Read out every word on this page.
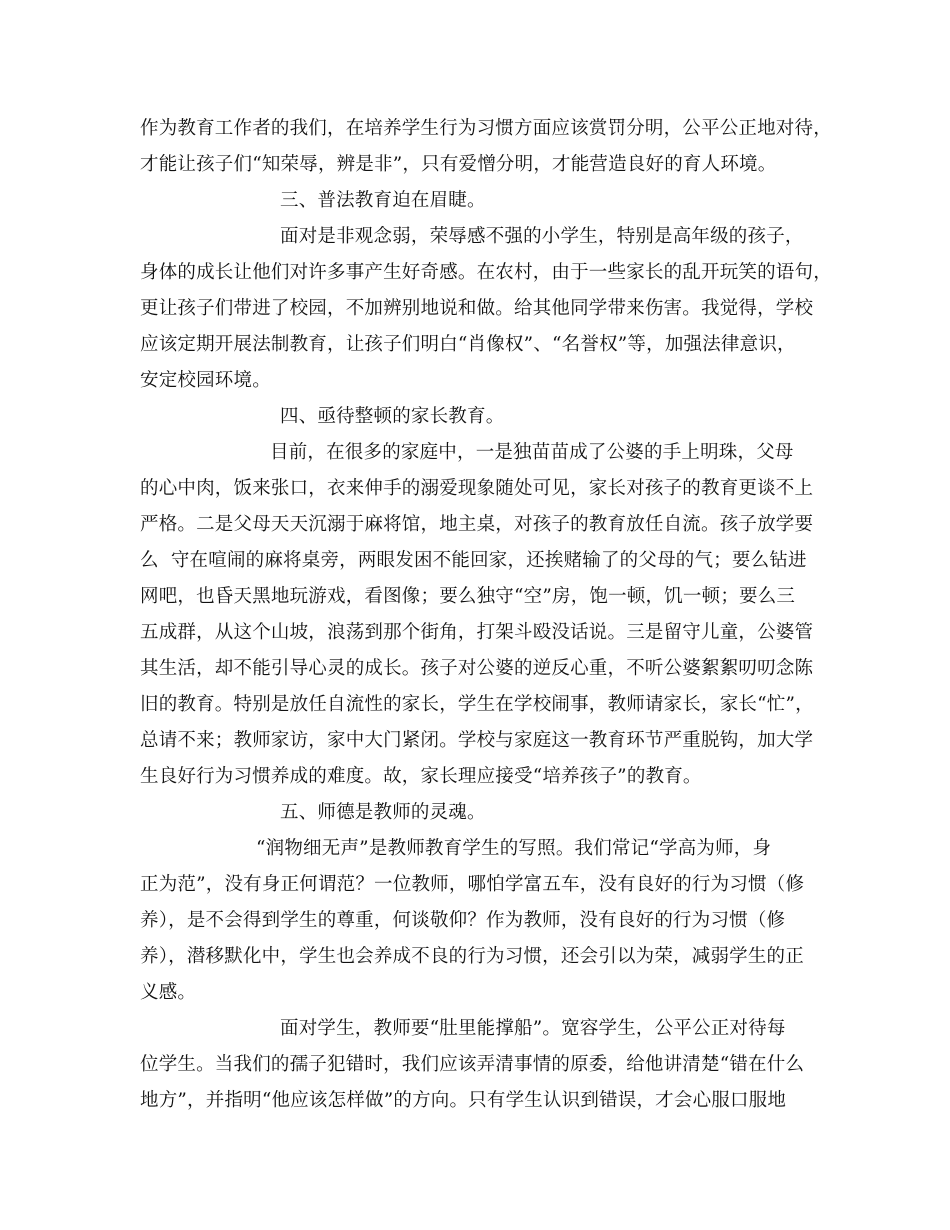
作为教育工作者的我们，在培养学生行为习惯方面应该赏罚分明，公平公正地对待，
才能让孩子们“知荣辱，辨是非”，只有爱憎分明，才能营造良好的育人环境。
三、普法教育迫在眉睫。
面对是非观念弱，荣辱感不强的小学生，特别是高年级的孩子，
身体的成长让他们对许多事产生好奇感。在农村，由于一些家长的乱开玩笑的语句，
更让孩子们带进了校园，不加辨别地说和做。给其他同学带来伤害。我觉得，学校
应该定期开展法制教育，让孩子们明白“肖像权”、“名誉权”等，加强法律意识，
安定校园环境。
四、亟待整顿的家长教育。
目前，在很多的家庭中，一是独苗苗成了公婆的手上明珠，父母
的心中肉，饭来张口，衣来伸手的溺爱现象随处可见，家长对孩子的教育更谈不上
严格。二是父母天天沉溺于麻将馆，地主桌，对孩子的教育放任自流。孩子放学要
么  守在喧闹的麻将桌旁，两眼发困不能回家，还挨赌输了的父母的气；要么钻进
网吧，也昏天黑地玩游戏，看图像；要么独守“空”房，饱一顿，饥一顿；要么三
五成群，从这个山坡，浪荡到那个街角，打架斗殴没话说。三是留守儿童，公婆管
其生活，却不能引导心灵的成长。孩子对公婆的逆反心重，不听公婆絮絮叨叨念陈
旧的教育。特别是放任自流性的家长，学生在学校闹事，教师请家长，家长“忙”，
总请不来；教师家访，家中大门紧闭。学校与家庭这一教育环节严重脱钩，加大学
生良好行为习惯养成的难度。故，家长理应接受“培养孩子”的教育。
五、师德是教师的灵魂。
“润物细无声”是教师教育学生的写照。我们常记“学高为师，身
正为范”，没有身正何谓范？一位教师，哪怕学富五车，没有良好的行为习惯（修
养），是不会得到学生的尊重，何谈敬仰？作为教师，没有良好的行为习惯（修
养），潜移默化中，学生也会养成不良的行为习惯，还会引以为荣，减弱学生的正
义感。
面对学生，教师要“肚里能撑船”。宽容学生，公平公正对待每
位学生。当我们的孺子犯错时，我们应该弄清事情的原委，给他讲清楚“错在什么
地方”，并指明“他应该怎样做”的方向。只有学生认识到错误，才会心服口服地
